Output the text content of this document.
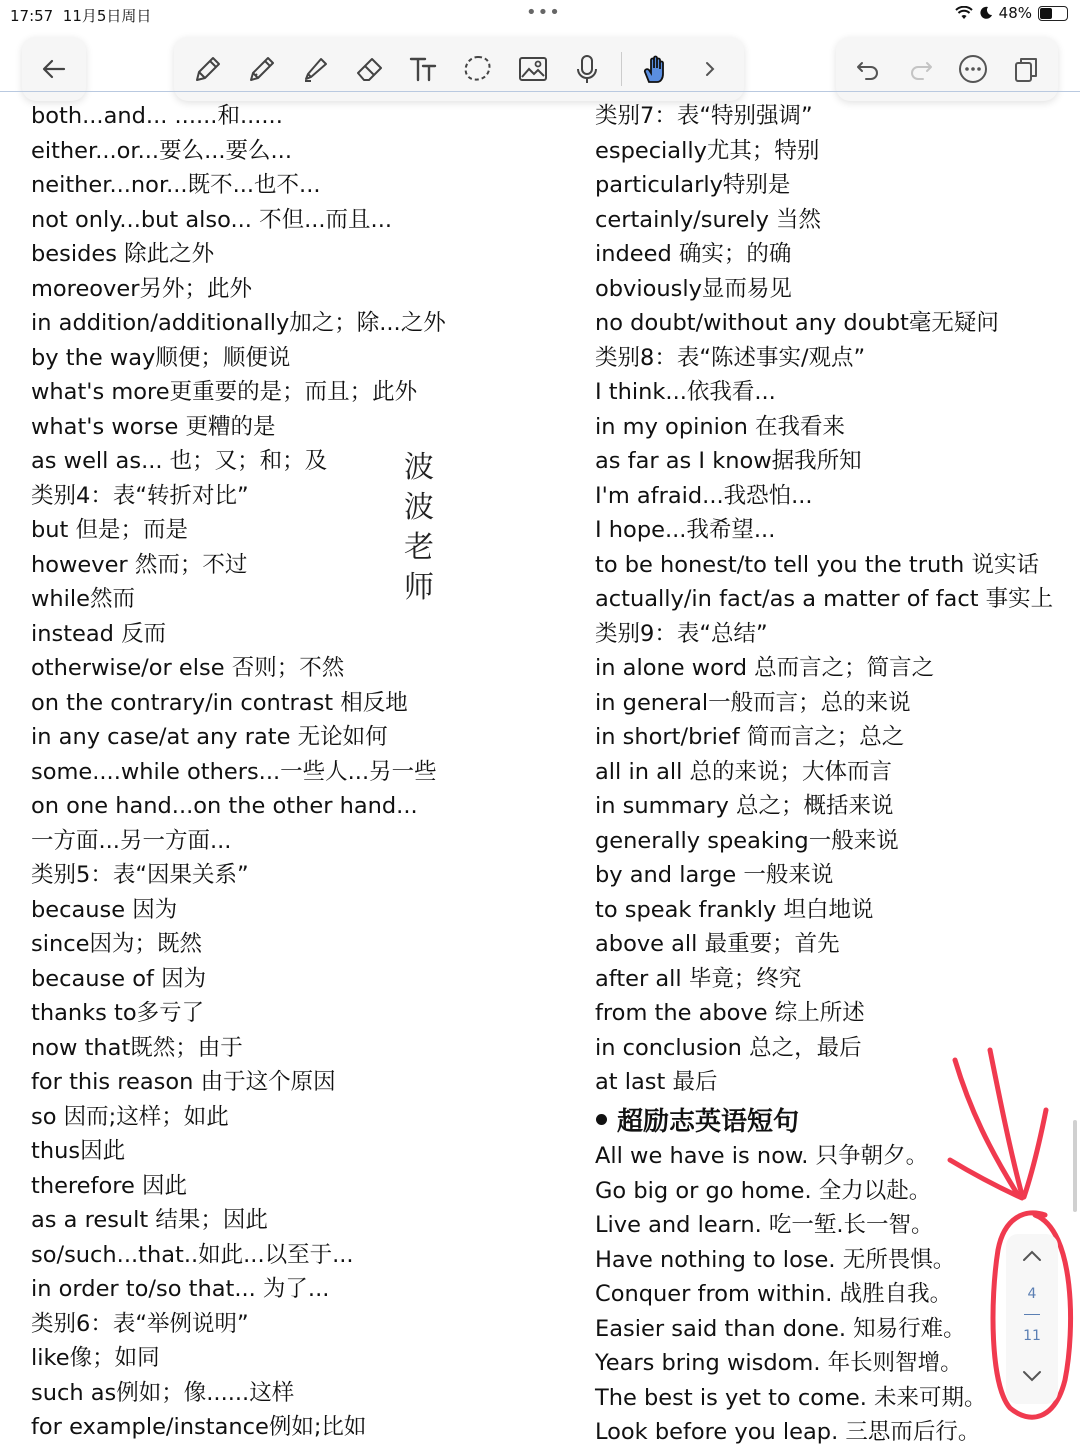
17:57 11月5日周日	•••	48%
both...and... ......和......
either...or...要么...要么...
neither...nor...既不...也不...
not only...but also... 不但...而且...
besides 除此之外
moreover另外；此外
in addition/additionally加之；除...之外
by the way顺便；顺便说
what's more更重要的是；而且；此外
what's worse 更糟的是
as well as... 也；又；和；及
类别4：表“转折对比”
but 但是；而是
however 然而；不过
while然而
instead 反而
otherwise/or else 否则；不然
on the contrary/in contrast 相反地
in any case/at any rate 无论如何
some....while others...一些人...另一些
on one hand...on the other hand...
一方面...另一方面...
类别5：表“因果关系”
because 因为
since因为；既然
because of 因为
thanks to多亏了
now that既然；由于
for this reason 由于这个原因
so 因而;这样；如此
thus因此
therefore 因此
as a result 结果；因此
so/such...that..如此...以至于...
in order to/so that... 为了...
类别6：表“举例说明”
like像；如同
such as例如；像......这样
for example/instance例如;比如
类别7：表“特别强调”
especially尤其；特别
particularly特别是
certainly/surely 当然
indeed 确实；的确
obviously显而易见
no doubt/without any doubt毫无疑问
类别8：表“陈述事实/观点”
I think...依我看...
in my opinion 在我看来
as far as I know据我所知
I'm afraid...我恐怕...
I hope...我希望...
to be honest/to tell you the truth 说实话
actually/in fact/as a matter of fact 事实上
类别9：表“总结”
in alone word 总而言之；简言之
in general一般而言；总的来说
in short/brief 简而言之；总之
all in all 总的来说；大体而言
in summary 总之；概括来说
generally speaking一般来说
by and large 一般来说
to speak frankly 坦白地说
above all 最重要；首先
after all 毕竟；终究
from the above 综上所述
in conclusion 总之，最后
at last 最后
超励志英语短句
All we have is now. 只争朝夕。
Go big or go home. 全力以赴。
Live and learn. 吃一堑.长一智。
Have nothing to lose. 无所畏惧。
Conquer from within. 战胜自我。
Easier said than done. 知易行难。
Years bring wisdom. 年长则智增。
The best is yet to come. 未来可期。
Look before you leap. 三思而后行。
波
波
老
师
4
11
